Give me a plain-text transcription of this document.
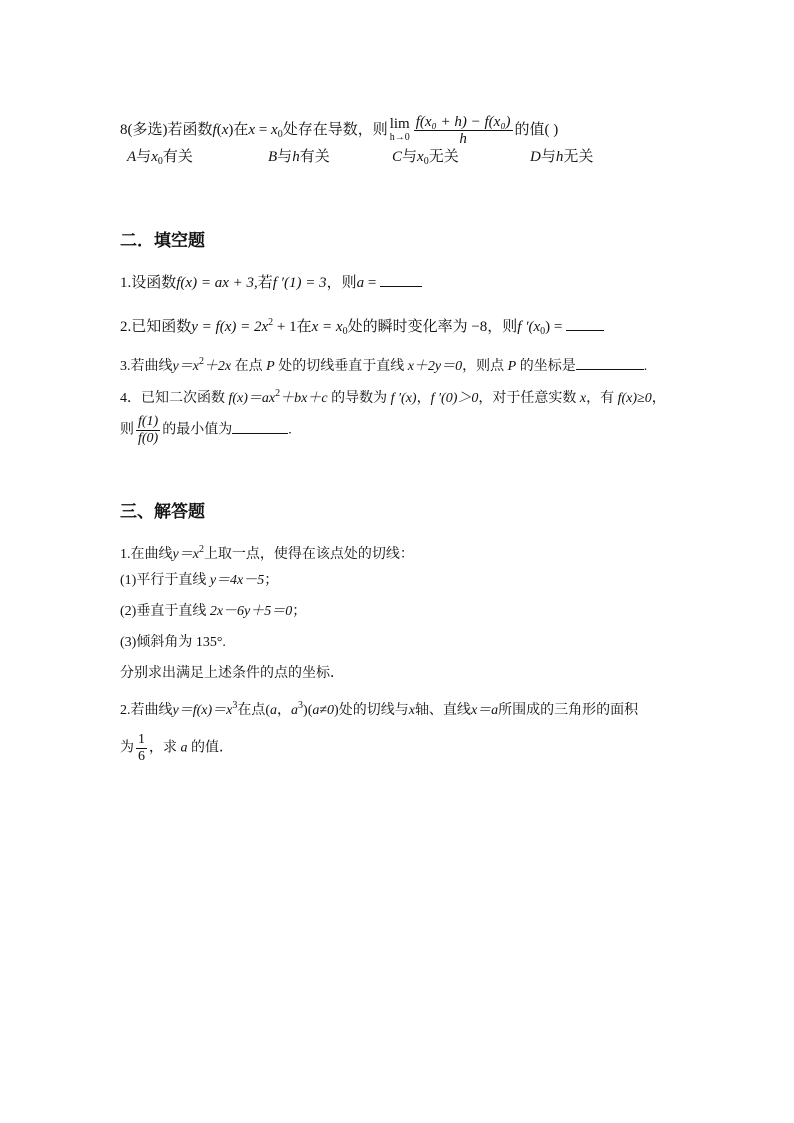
8(多选)若函数f(x)在$x = x_0$处存在导数，则 lim
$h\to 0 \frac{\text{f(x₀ + h) − f(x₀)}}{h}$ 的值( )
A与$x_0$有关	B与h有关	C与$x_0$无关	D与h无关
二．填空题
1.设函数f(x) = ax + 3,若f ′(1) = 3，则a =
2.已知函数$y = f(x) = 2x^2 + 1$在$x = x_0$处的瞬时变化率为 −8，则f $'(x_0)$ =
3.若曲线$y=x^2+2x$ 在点 P 处的切线垂直于直线 x＋2y＝0，则点 P 的坐标是	.
4．已知二次函数 $f(x)=ax^2+bx+c$ 的导数为 f ′(x)，f ′(0)＞0，对于任意实数 x，有 f(x)≥0，
则 $\frac{f(1)}{f(0)}$ 的最小值为	.
三、解答题
1.在曲线$y=x^2$上取一点，使得在该点处的切线：
(1)平行于直线 y＝4x－5；
(2)垂直于直线 2x－6y＋5＝0；
(3)倾斜角为 135°.
分别求出满足上述条件的点的坐标．
2.若曲线$y=f(x)=x^3$在点(a，$a^3)(a\ne 0)$处的切线与x轴、直线x＝a所围成的三角形的面积
为 $\frac{1}{6}$ ，求 a 的值．
